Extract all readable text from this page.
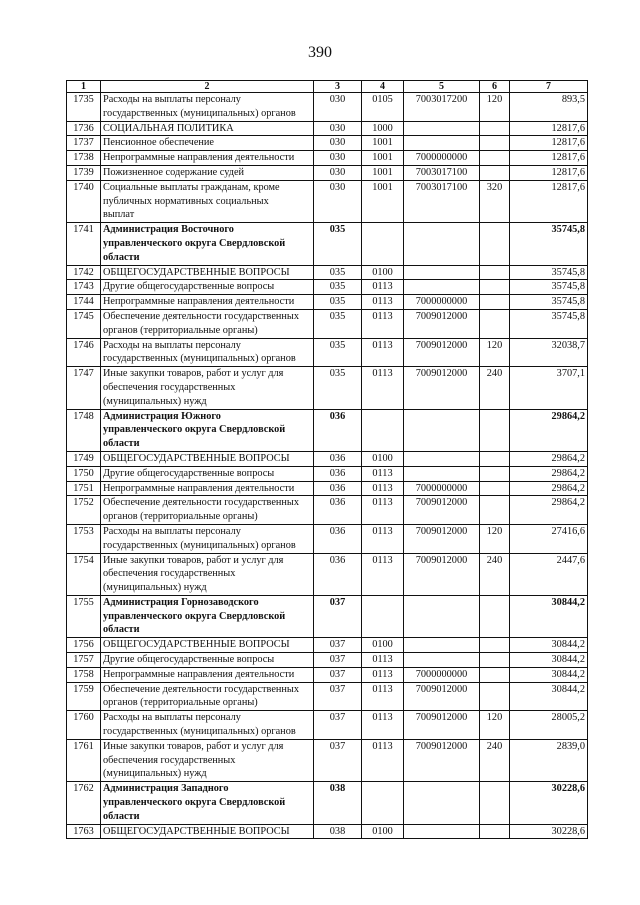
390
1	2	3	4	5	6	7
1735	Расходы на выплаты персоналу
государственных (муниципальных) органов	030	0105	7003017200	120	893,5
1736	СОЦИАЛЬНАЯ ПОЛИТИКА	030	1000			12817,6
1737	Пенсионное обеспечение	030	1001			12817,6
1738	Непрограммные направления деятельности	030	1001	7000000000		12817,6
1739	Пожизненное содержание судей	030	1001	7003017100		12817,6
1740	Социальные выплаты гражданам, кроме
публичных нормативных социальных
выплат	030	1001	7003017100	320	12817,6
1741	Администрация Восточного
управленческого округа Свердловской
области	035				35745,8
1742	ОБЩЕГОСУДАРСТВЕННЫЕ ВОПРОСЫ	035	0100			35745,8
1743	Другие общегосударственные вопросы	035	0113			35745,8
1744	Непрограммные направления деятельности	035	0113	7000000000		35745,8
1745	Обеспечение деятельности государственных
органов (территориальные органы)	035	0113	7009012000		35745,8
1746	Расходы на выплаты персоналу
государственных (муниципальных) органов	035	0113	7009012000	120	32038,7
1747	Иные закупки товаров, работ и услуг для
обеспечения государственных
(муниципальных) нужд	035	0113	7009012000	240	3707,1
1748	Администрация Южного
управленческого округа Свердловской
области	036				29864,2
1749	ОБЩЕГОСУДАРСТВЕННЫЕ ВОПРОСЫ	036	0100			29864,2
1750	Другие общегосударственные вопросы	036	0113			29864,2
1751	Непрограммные направления деятельности	036	0113	7000000000		29864,2
1752	Обеспечение деятельности государственных
органов (территориальные органы)	036	0113	7009012000		29864,2
1753	Расходы на выплаты персоналу
государственных (муниципальных) органов	036	0113	7009012000	120	27416,6
1754	Иные закупки товаров, работ и услуг для
обеспечения государственных
(муниципальных) нужд	036	0113	7009012000	240	2447,6
1755	Администрация Горнозаводского
управленческого округа Свердловской
области	037				30844,2
1756	ОБЩЕГОСУДАРСТВЕННЫЕ ВОПРОСЫ	037	0100			30844,2
1757	Другие общегосударственные вопросы	037	0113			30844,2
1758	Непрограммные направления деятельности	037	0113	7000000000		30844,2
1759	Обеспечение деятельности государственных
органов (территориальные органы)	037	0113	7009012000		30844,2
1760	Расходы на выплаты персоналу
государственных (муниципальных) органов	037	0113	7009012000	120	28005,2
1761	Иные закупки товаров, работ и услуг для
обеспечения государственных
(муниципальных) нужд	037	0113	7009012000	240	2839,0
1762	Администрация Западного
управленческого округа Свердловской
области	038				30228,6
1763	ОБЩЕГОСУДАРСТВЕННЫЕ ВОПРОСЫ	038	0100			30228,6
